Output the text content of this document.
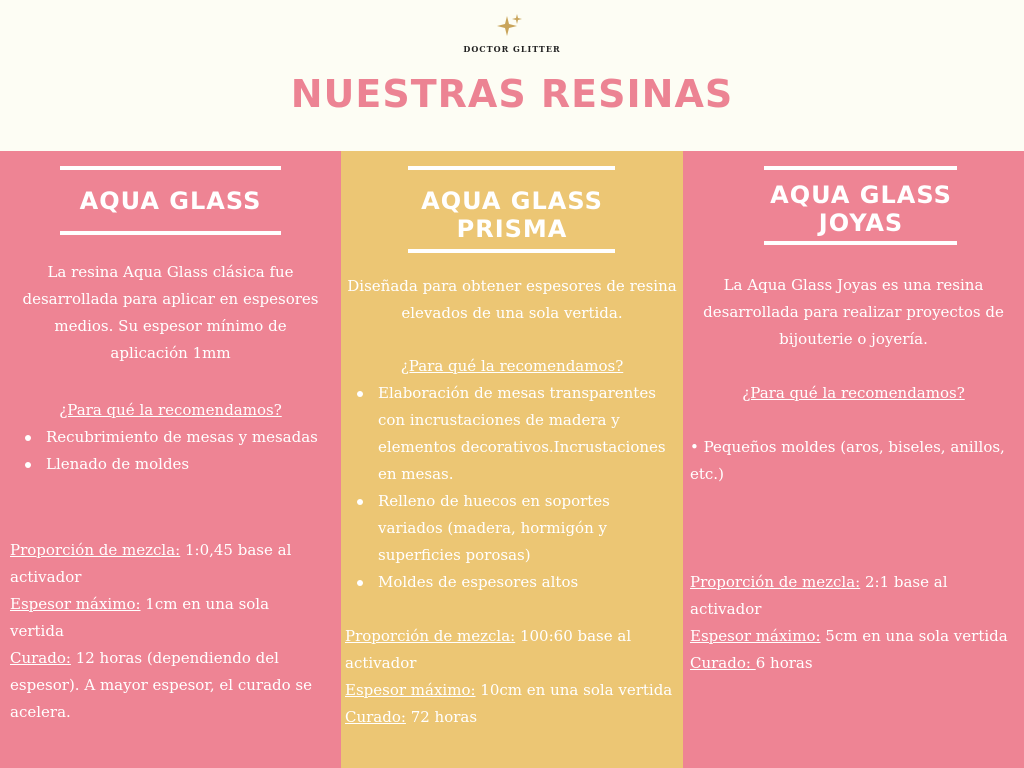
DOCTOR GLITTER
NUESTRAS RESINAS
AQUA GLASS
La resina Aqua Glass clásica fue
desarrollada para aplicar en espesores
medios. Su espesor mínimo de
aplicación 1mm
¿Para qué la recomendamos?
Recubrimiento de mesas y mesadas
Llenado de moldes
Proporción de mezcla: 1:0,45 base al
activador
Espesor máximo: 1cm en una sola
vertida
Curado: 12 horas (dependiendo del
espesor). A mayor espesor, el curado se
acelera.
AQUA GLASS
PRISMA
Diseñada para obtener espesores de resina
elevados de una sola vertida.
¿Para qué la recomendamos?
Elaboración de mesas transparentes
con incrustaciones de madera y
elementos decorativos.Incrustaciones
en mesas.
Relleno de huecos en soportes
variados (madera, hormigón y
superficies porosas)
Moldes de espesores altos
Proporción de mezcla: 100:60 base al
activador
Espesor máximo: 10cm en una sola vertida
Curado: 72 horas
AQUA GLASS
JOYAS
La Aqua Glass Joyas es una resina
desarrollada para realizar proyectos de
bijouterie o joyería.
¿Para qué la recomendamos?
• Pequeños moldes (aros, biseles, anillos,
etc.)
Proporción de mezcla: 2:1 base al
activador
Espesor máximo: 5cm en una sola vertida
Curado: 6 horas
